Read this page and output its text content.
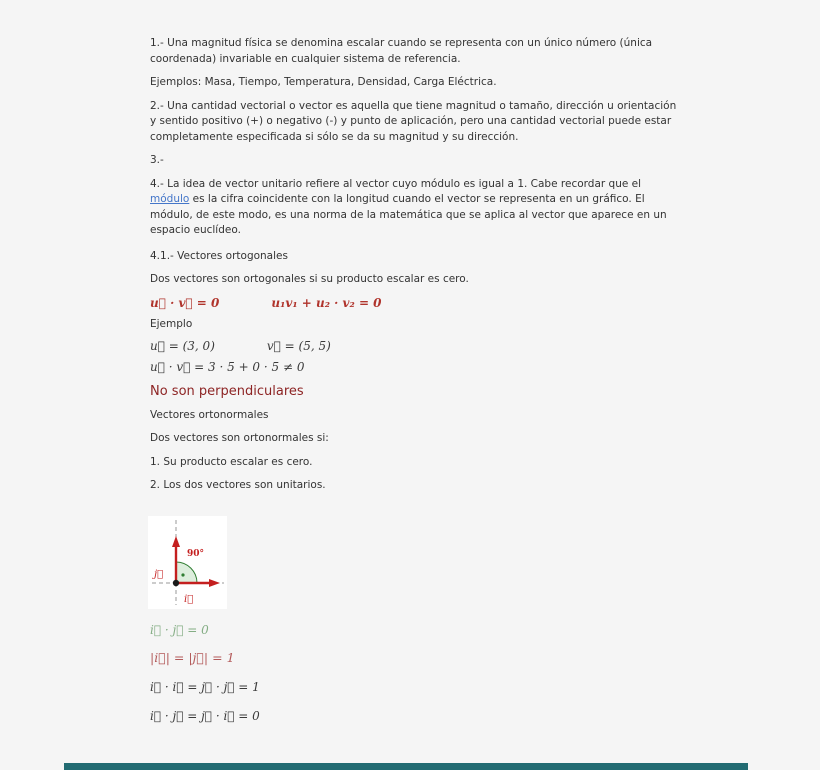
1.- Una magnitud física se denomina escalar cuando se representa con un único número (única coordenada) invariable en cualquier sistema de referencia.

Ejemplos: Masa, Tiempo, Temperatura, Densidad, Carga Eléctrica.

2.- Una cantidad vectorial o vector es aquella que tiene magnitud o tamaño, dirección u orientación y sentido positivo (+) o negativo (-) y punto de aplicación, pero una cantidad vectorial puede estar completamente especificada si sólo se da su magnitud y su dirección.

3.-

4.- La idea de vector unitario refiere al vector cuyo módulo es igual a 1. Cabe recordar que el módulo es la cifra coincidente con la longitud cuando el vector se representa en un gráfico. El módulo, de este modo, es una norma de la matemática que se aplica al vector que aparece en un espacio euclídeo.

4.1.- Vectores ortogonales

Dos vectores son ortogonales si su producto escalar es cero.

u⃗ · v⃗ = 0	u₁v₁ + u₂ · v₂ = 0

Ejemplo

u⃗ = (3, 0)	v⃗ = (5, 5)

u⃗ · v⃗ = 3 · 5 + 0 · 5 ≠ 0

No son perpendiculares

Vectores ortonormales

Dos vectores son ortonormales si:

1. Su producto escalar es cero.

2. Los dos vectores son unitarios.

90°
j⃗
i⃗

i⃗ · j⃗ = 0

|i⃗| = |j⃗| = 1

i⃗ · i⃗ = j⃗ · j⃗ = 1

i⃗ · j⃗ = j⃗ · i⃗ = 0
